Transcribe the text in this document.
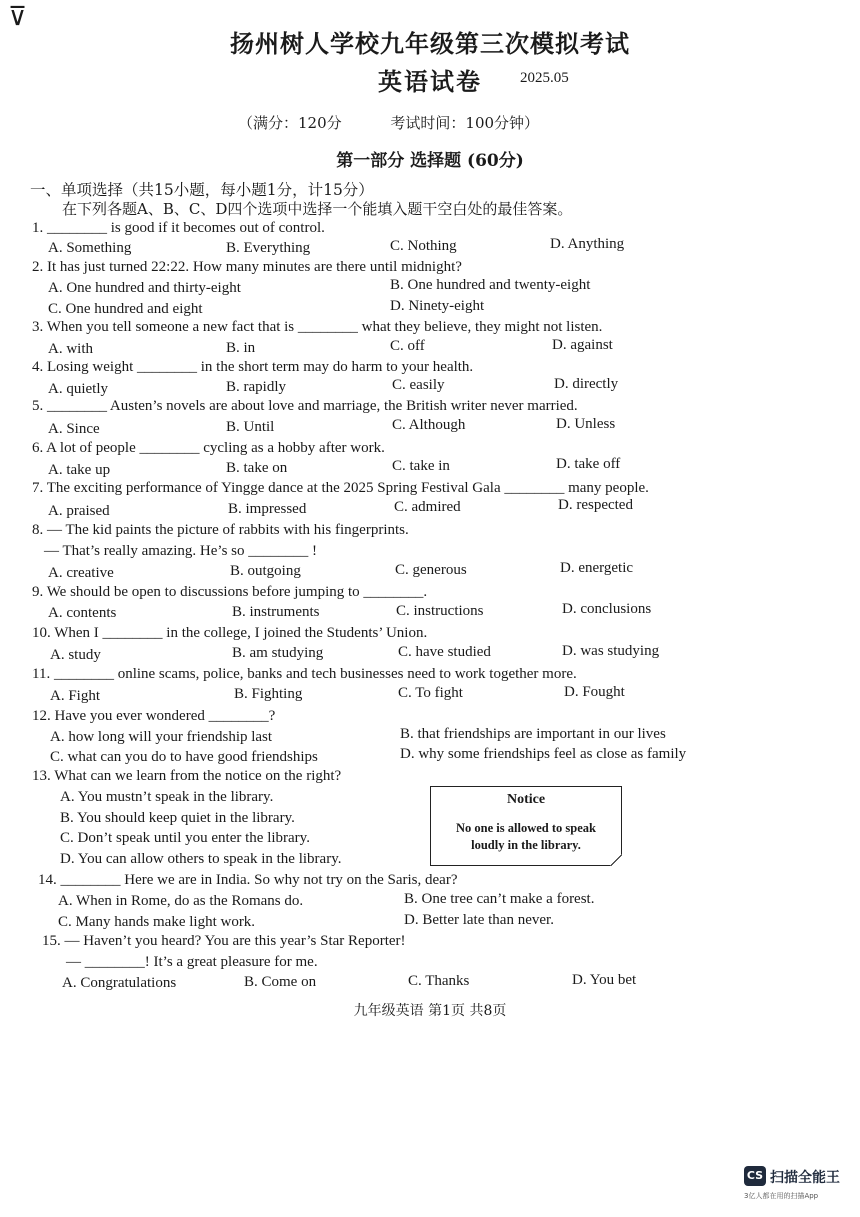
⊽
扬州树人学校九年级第三次模拟考试
英语试卷	2025.05
（满分：120分	考试时间：100分钟）
第一部分 选择题 (60分)
一、单项选择（共15小题，每小题1分，计15分）
在下列各题A、B、C、D四个选项中选择一个能填入题干空白处的最佳答案。
1. ________ is good if it becomes out of control.
A. Something	B. Everything	C. Nothing	D. Anything
2. It has just turned 22:22. How many minutes are there until midnight?
A. One hundred and thirty-eight	B. One hundred and twenty-eight
C. One hundred and eight	D. Ninety-eight
3. When you tell someone a new fact that is ________ what they believe, they might not listen.
A. with	B. in	C. off	D. against
4. Losing weight ________ in the short term may do harm to your health.
A. quietly	B. rapidly	C. easily	D. directly
5. ________ Austen’s novels are about love and marriage, the British writer never married.
A. Since	B. Until	C. Although	D. Unless
6. A lot of people ________ cycling as a hobby after work.
A. take up	B. take on	C. take in	D. take off
7. The exciting performance of Yingge dance at the 2025 Spring Festival Gala ________ many people.
A. praised	B. impressed	C. admired	D. respected
8. — The kid paints the picture of rabbits with his fingerprints.
— That’s really amazing. He’s so ________ !
A. creative	B. outgoing	C. generous	D. energetic
9. We should be open to discussions before jumping to ________.
A. contents	B. instruments	C. instructions	D. conclusions
10. When I ________ in the college, I joined the Students’ Union.
A. study	B. am studying	C. have studied	D. was studying
11. ________ online scams, police, banks and tech businesses need to work together more.
A. Fight	B. Fighting	C. To fight	D. Fought
12. Have you ever wondered ________?
A. how long will your friendship last	B. that friendships are important in our lives
C. what can you do to have good friendships	D. why some friendships feel as close as family
13. What can we learn from the notice on the right?
A. You mustn’t speak in the library.
B. You should keep quiet in the library.
C. Don’t speak until you enter the library.
D. You can allow others to speak in the library.
Notice
No one is allowed to speak
loudly in the library.
14. ________ Here we are in India. So why not try on the Saris, dear?
A. When in Rome, do as the Romans do.	B. One tree can’t make a forest.
C. Many hands make light work.	D. Better late than never.
15. — Haven’t you heard? You are this year’s Star Reporter!
— ________! It’s a great pleasure for me.
A. Congratulations	B. Come on	C. Thanks	D. You bet
九年级英语 第1页 共8页
CS 扫描全能王
3亿人都在用的扫描App
